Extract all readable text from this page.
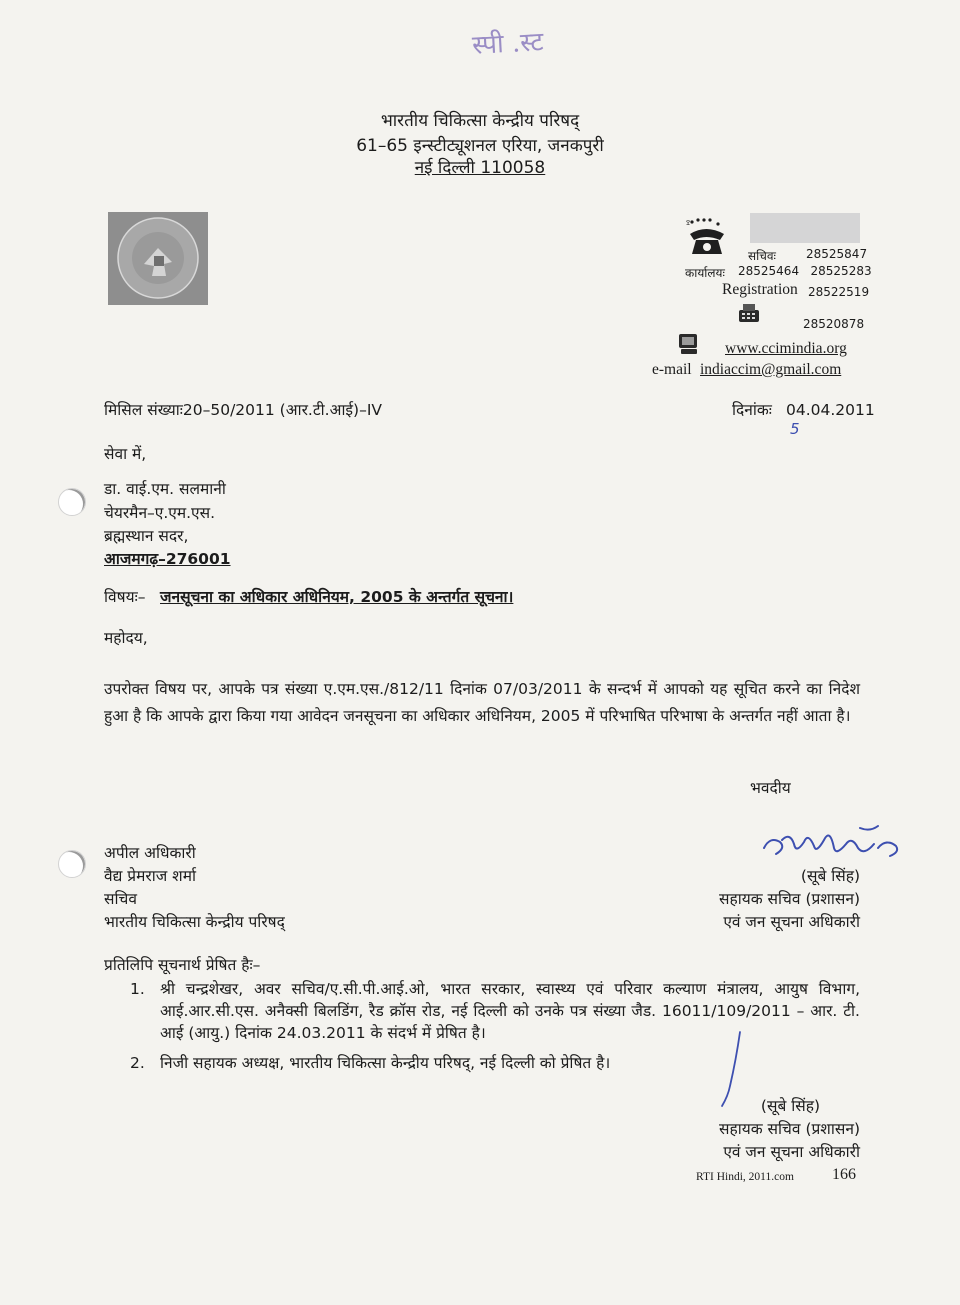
स्पी .स्ट
भारतीय चिकित्सा केन्द्रीय परिषद्
61–65 इन्स्टीट्यूशनल एरिया, जनकपुरी
नई दिल्ली 110058
ߐ
सचिवः	28525847
कार्यालयः 28525464   28525283
Registration 28522519
28520878
www.ccimindia.org
e-mail indiaccim@gmail.com
मिसिल संख्याः20–50/2011 (आर.टी.आई)–IV	दिनांकः 04.04.2011
5
सेवा में,
डा. वाई.एम. सलमानी
चेयरमैन–ए.एम.एस.
ब्रह्मस्थान सदर,
आजमगढ़–276001
विषयः– जनसूचना का अधिकार अधिनियम, 2005 के अन्तर्गत सूचना।
महोदय,
उपरोक्त विषय पर, आपके पत्र संख्या ए.एम.एस./812/11 दिनांक 07/03/2011 के सन्दर्भ में आपको यह सूचित करने का निदेश हुआ है कि आपके द्वारा किया गया आवेदन जनसूचना का अधिकार अधिनियम, 2005 में परिभाषित परिभाषा के अन्तर्गत नहीं आता है।
भवदीय
अपील अधिकारी
वैद्य प्रेमराज शर्मा
सचिव
भारतीय चिकित्सा केन्द्रीय परिषद्
(सूबे सिंह)
सहायक सचिव (प्रशासन)
एवं जन सूचना अधिकारी
प्रतिलिपि सूचनार्थ प्रेषित हैः–
1. श्री चन्द्रशेखर, अवर सचिव/ए.सी.पी.आई.ओ, भारत सरकार, स्वास्थ्य एवं परिवार कल्याण मंत्रालय, आयुष विभाग, आई.आर.सी.एस. अनैक्सी बिलडिंग, रैड क्रॉस रोड, नई दिल्ली को उनके पत्र संख्या जैड. 16011/109/2011 – आर. टी. आई (आयु.) दिनांक 24.03.2011 के संदर्भ में प्रेषित है।
2. निजी सहायक अध्यक्ष, भारतीय चिकित्सा केन्द्रीय परिषद्, नई दिल्ली को प्रेषित है।
(सूबे सिंह)
सहायक सचिव (प्रशासन)
एवं जन सूचना अधिकारी
RTI Hindi, 2011.com 166
